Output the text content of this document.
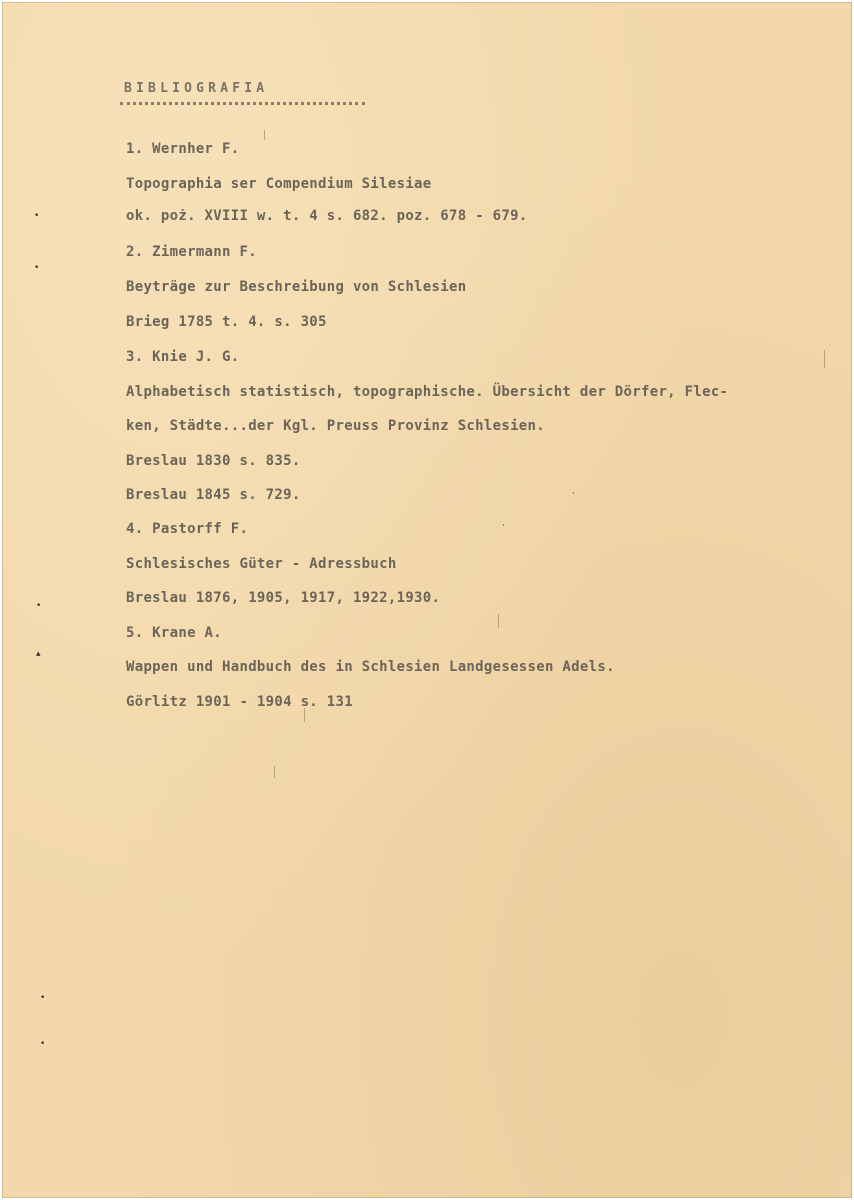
BIBLIOGRAFIA
1. Wernher F.
Topographia ser Compendium Silesiae
ok. poż. XVIII w. t. 4 s. 682. poz. 678 - 679.
2. Zimermann F.
Beyträge zur Beschreibung von Schlesien
Brieg 1785 t. 4. s. 305
3. Knie J. G.
Alphabetisch statistisch, topographische. Übersicht der Dörfer, Flec-
ken, Städte...der Kgl. Preuss Provinz Schlesien.
Breslau 1830 s. 835.
Breslau 1845 s. 729.
4. Pastorff F.
Schlesisches Güter - Adressbuch
Breslau 1876, 1905, 1917, 1922,1930.
5. Krane A.
Wappen und Handbuch des in Schlesien Landgesessen Adels.
Görlitz 1901 - 1904 s. 131
•
•
•
▴
•
•
·
·
